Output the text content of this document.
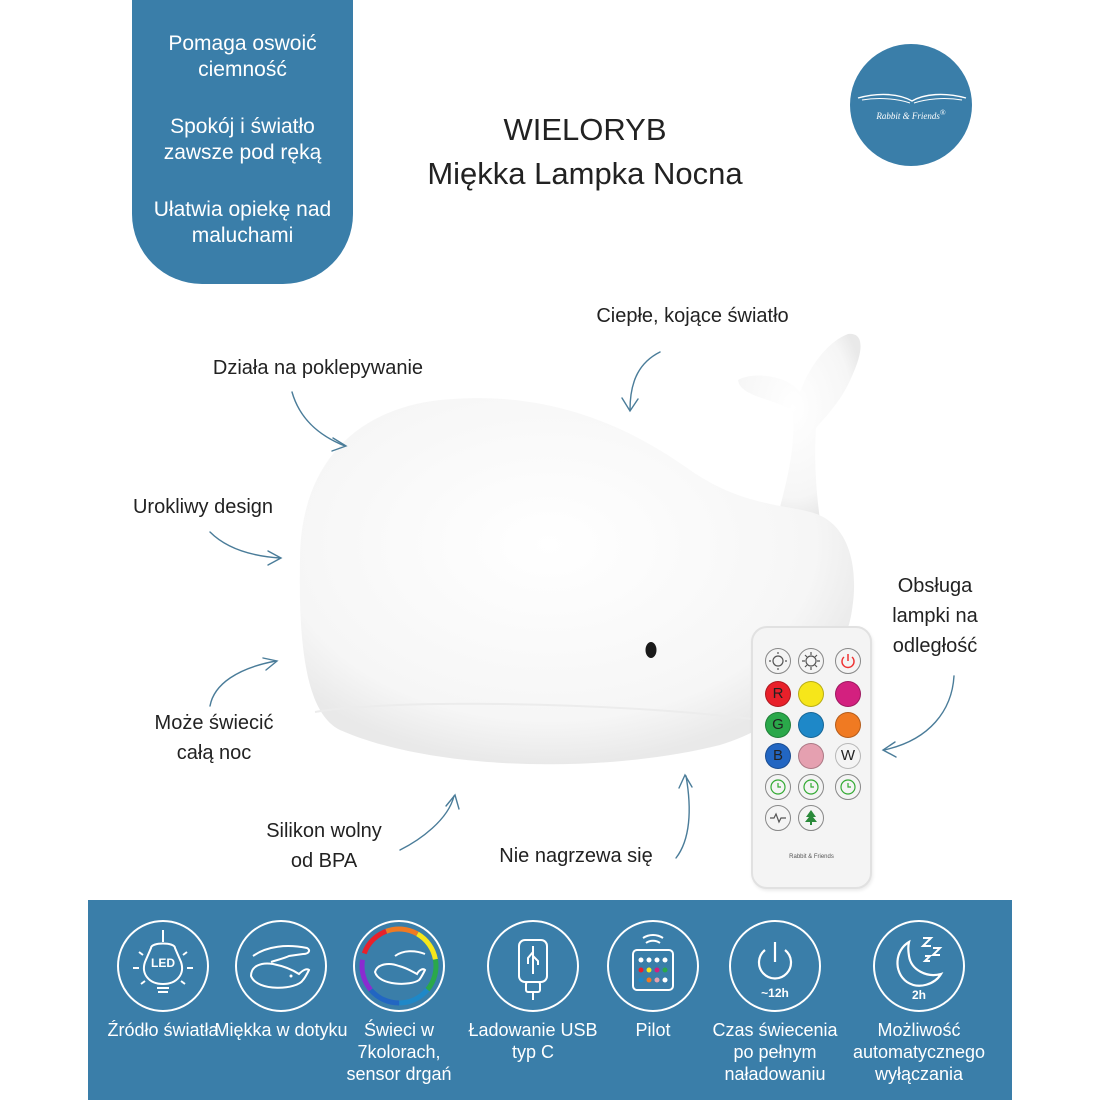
Pomaga oswoić ciemność
Spokój i światło zawsze pod ręką
Ułatwia opiekę nad maluchami
Rabbit & Friends®
WIELORYB
Miękka Lampka Nocna
Ciepłe, kojące światło
Działa na poklepywanie
Urokliwy design
Może świecić całą noc
Silikon wolny od BPA	Nie nagrzewa się
Obsługa lampki na odległość
R
G
B	W
Rabbit & Friends
LED
Źródło światła
Miękka w dotyku Świeci w 7kolorach, sensor drgań
Ładowanie USB typ C
Pilot
~12h
Czas świecenia po pełnym naładowaniu
2h
Możliwość automatycznego wyłączania
